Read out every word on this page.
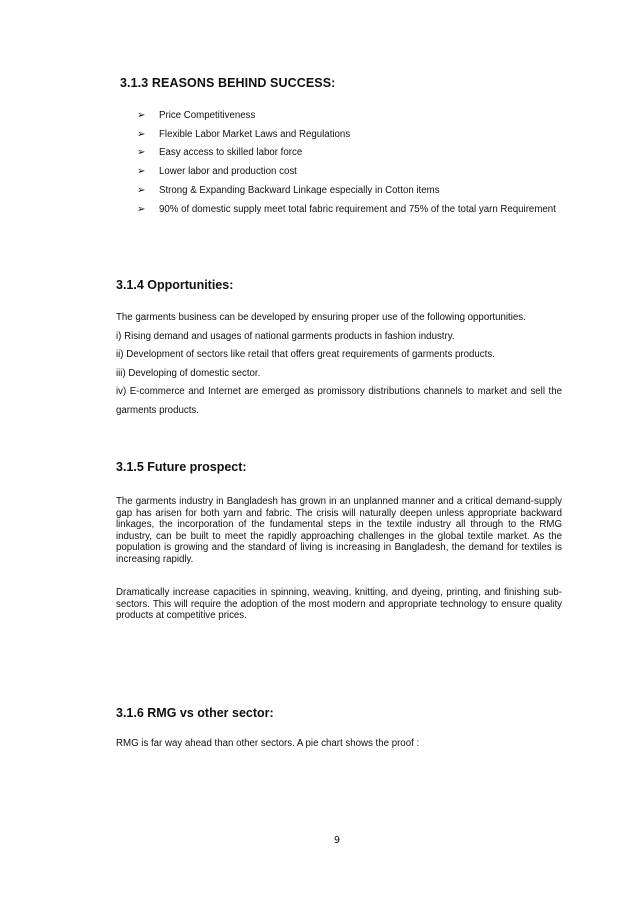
3.1.3 REASONS BEHIND SUCCESS:
➢ Price Competitiveness
➢ Flexible Labor Market Laws and Regulations
➢ Easy access to skilled labor force
➢ Lower labor and production cost
➢ Strong & Expanding Backward Linkage especially in Cotton items
➢ 90% of domestic supply meet total fabric requirement and 75% of the total yarn Requirement
3.1.4 Opportunities:
The garments business can be developed by ensuring proper use of the following opportunities.
i) Rising demand and usages of national garments products in fashion industry.
ii) Development of sectors like retail that offers great requirements of garments products.
iii) Developing of domestic sector.
iv) E-commerce and Internet are emerged as promissory distributions channels to market and sell the garments products.
3.1.5 Future prospect:
The garments industry in Bangladesh has grown in an unplanned manner and a critical demand-supply gap has arisen for both yarn and fabric. The crisis will naturally deepen unless appropriate backward linkages, the incorporation of the fundamental steps in the textile industry all through to the RMG industry, can be built to meet the rapidly approaching challenges in the global textile market. As the population is growing and the standard of living is increasing in Bangladesh, the demand for textiles is increasing rapidly.
Dramatically increase capacities in spinning, weaving, knitting, and dyeing, printing, and finishing sub-sectors. This will require the adoption of the most modern and appropriate technology to ensure quality products at competitive prices.
3.1.6 RMG vs other sector:
RMG is far way ahead than other sectors. A pie chart shows the proof :
9
